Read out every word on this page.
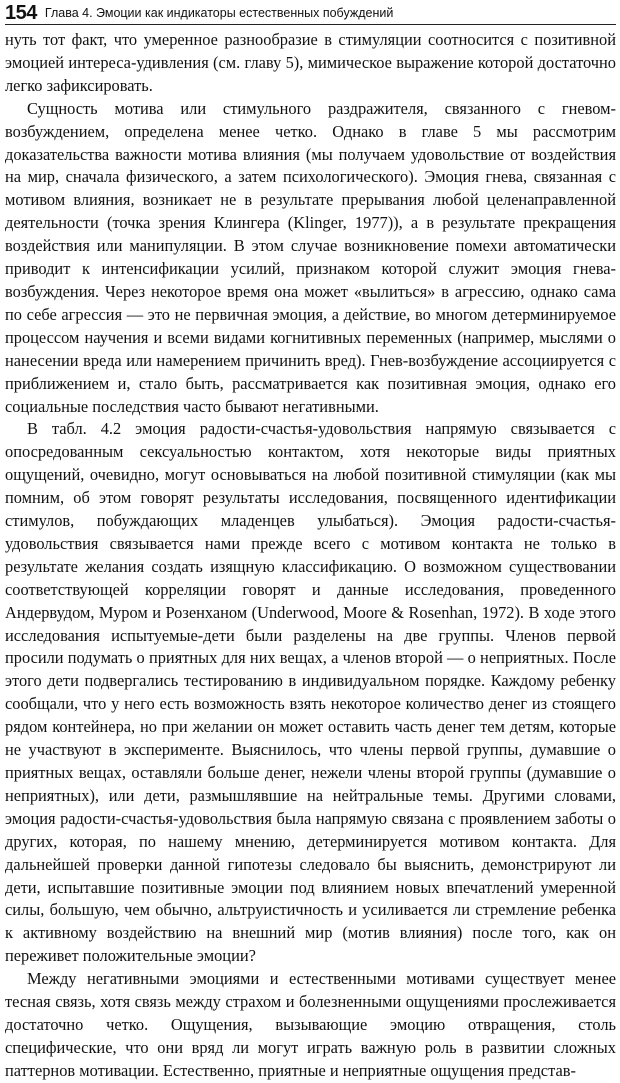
154 Глава 4. Эмоции как индикаторы естественных побуждений

нуть тот факт, что умеренное разнообразие в стимуляции соотносится с позитивной эмоцией интереса-удивления (см. главу 5), мимическое выражение которой достаточно легко зафиксировать.

Сущность мотива или стимульного раздражителя, связанного с гневом-возбуждением, определена менее четко. Однако в главе 5 мы рассмотрим доказательства важности мотива влияния (мы получаем удовольствие от воздействия на мир, сначала физического, а затем психологического). Эмоция гнева, связанная с мотивом влияния, возникает не в результате прерывания любой целенаправленной деятельности (точка зрения Клингера (Klinger, 1977)), а в результате прекращения воздействия или манипуляции. В этом случае возникновение помехи автоматически приводит к интенсификации усилий, признаком которой служит эмоция гнева-возбуждения. Через некоторое время она может «вылиться» в агрессию, однако сама по себе агрессия — это не первичная эмоция, а действие, во многом детерминируемое процессом научения и всеми видами когнитивных переменных (например, мыслями о нанесении вреда или намерением причинить вред). Гнев-возбуждение ассоциируется с приближением и, стало быть, рассматривается как позитивная эмоция, однако его социальные последствия часто бывают негативными.

В табл. 4.2 эмоция радости-счастья-удовольствия напрямую связывается с опосредованным сексуальностью контактом, хотя некоторые виды приятных ощущений, очевидно, могут основываться на любой позитивной стимуляции (как мы помним, об этом говорят результаты исследования, посвященного идентификации стимулов, побуждающих младенцев улыбаться). Эмоция радости-счастья-удовольствия связывается нами прежде всего с мотивом контакта не только в результате желания создать изящную классификацию. О возможном существовании соответствующей корреляции говорят и данные исследования, проведенного Андервудом, Муром и Розенханом (Underwood, Moore & Rosenhan, 1972). В ходе этого исследования испытуемые-дети были разделены на две группы. Членов первой просили подумать о приятных для них вещах, а членов второй — о неприятных. После этого дети подвергались тестированию в индивидуальном порядке. Каждому ребенку сообщали, что у него есть возможность взять некоторое количество денег из стоящего рядом контейнера, но при желании он может оставить часть денег тем детям, которые не участвуют в эксперименте. Выяснилось, что члены первой группы, думавшие о приятных вещах, оставляли больше денег, нежели члены второй группы (думавшие о неприятных), или дети, размышлявшие на нейтральные темы. Другими словами, эмоция радости-счастья-удовольствия была напрямую связана с проявлением заботы о других, которая, по нашему мнению, детерминируется мотивом контакта. Для дальнейшей проверки данной гипотезы следовало бы выяснить, демонстрируют ли дети, испытавшие позитивные эмоции под влиянием новых впечатлений умеренной силы, большую, чем обычно, альтруистичность и усиливается ли стремление ребенка к активному воздействию на внешний мир (мотив влияния) после того, как он переживет положительные эмоции?

Между негативными эмоциями и естественными мотивами существует менее тесная связь, хотя связь между страхом и болезненными ощущениями прослеживается достаточно четко. Ощущения, вызывающие эмоцию отвращения, столь специфические, что они вряд ли могут играть важную роль в развитии сложных паттернов мотивации. Естественно, приятные и неприятные ощущения представ-
